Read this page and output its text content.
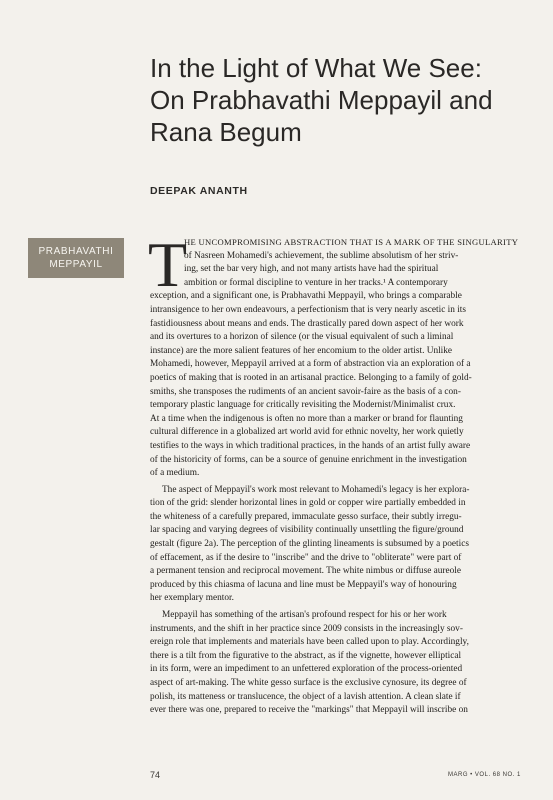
In the Light of What We See:
On Prabhavathi Meppayil and
Rana Begum
DEEPAK ANANTH
PRABHAVATHI
MEPPAYIL T
HE UNCOMPROMISING ABSTRACTION THAT IS A MARK OF THE SINGULARITY
of Nasreen Mohamedi's achievement, the sublime absolutism of her striv-
ing, set the bar very high, and not many artists have had the spiritual
ambition or formal discipline to venture in her tracks.¹ A contemporary
exception, and a significant one, is Prabhavathi Meppayil, who brings a comparable
intransigence to her own endeavours, a perfectionism that is very nearly ascetic in its
fastidiousness about means and ends. The drastically pared down aspect of her work
and its overtures to a horizon of silence (or the visual equivalent of such a liminal
instance) are the more salient features of her encomium to the older artist. Unlike
Mohamedi, however, Meppayil arrived at a form of abstraction via an exploration of a
poetics of making that is rooted in an artisanal practice. Belonging to a family of gold-
smiths, she transposes the rudiments of an ancient savoir-faire as the basis of a con-
temporary plastic language for critically revisiting the Modernist/Minimalist crux.
At a time when the indigenous is often no more than a marker or brand for flaunting
cultural difference in a globalized art world avid for ethnic novelty, her work quietly
testifies to the ways in which traditional practices, in the hands of an artist fully aware
of the historicity of forms, can be a source of genuine enrichment in the investigation
of a medium.
The aspect of Meppayil's work most relevant to Mohamedi's legacy is her explora-
tion of the grid: slender horizontal lines in gold or copper wire partially embedded in
the whiteness of a carefully prepared, immaculate gesso surface, their subtly irregu-
lar spacing and varying degrees of visibility continually unsettling the figure/ground
gestalt (figure 2a). The perception of the glinting lineaments is subsumed by a poetics
of effacement, as if the desire to "inscribe" and the drive to "obliterate" were part of
a permanent tension and reciprocal movement. The white nimbus or diffuse aureole
produced by this chiasma of lacuna and line must be Meppayil's way of honouring
her exemplary mentor.
Meppayil has something of the artisan's profound respect for his or her work
instruments, and the shift in her practice since 2009 consists in the increasingly sov-
ereign role that implements and materials have been called upon to play. Accordingly,
there is a tilt from the figurative to the abstract, as if the vignette, however elliptical
in its form, were an impediment to an unfettered exploration of the process-oriented
aspect of art-making. The white gesso surface is the exclusive cynosure, its degree of
polish, its matteness or translucence, the object of a lavish attention. A clean slate if
ever there was one, prepared to receive the "markings" that Meppayil will inscribe on
74	MARG • VOL. 68 NO. 1
